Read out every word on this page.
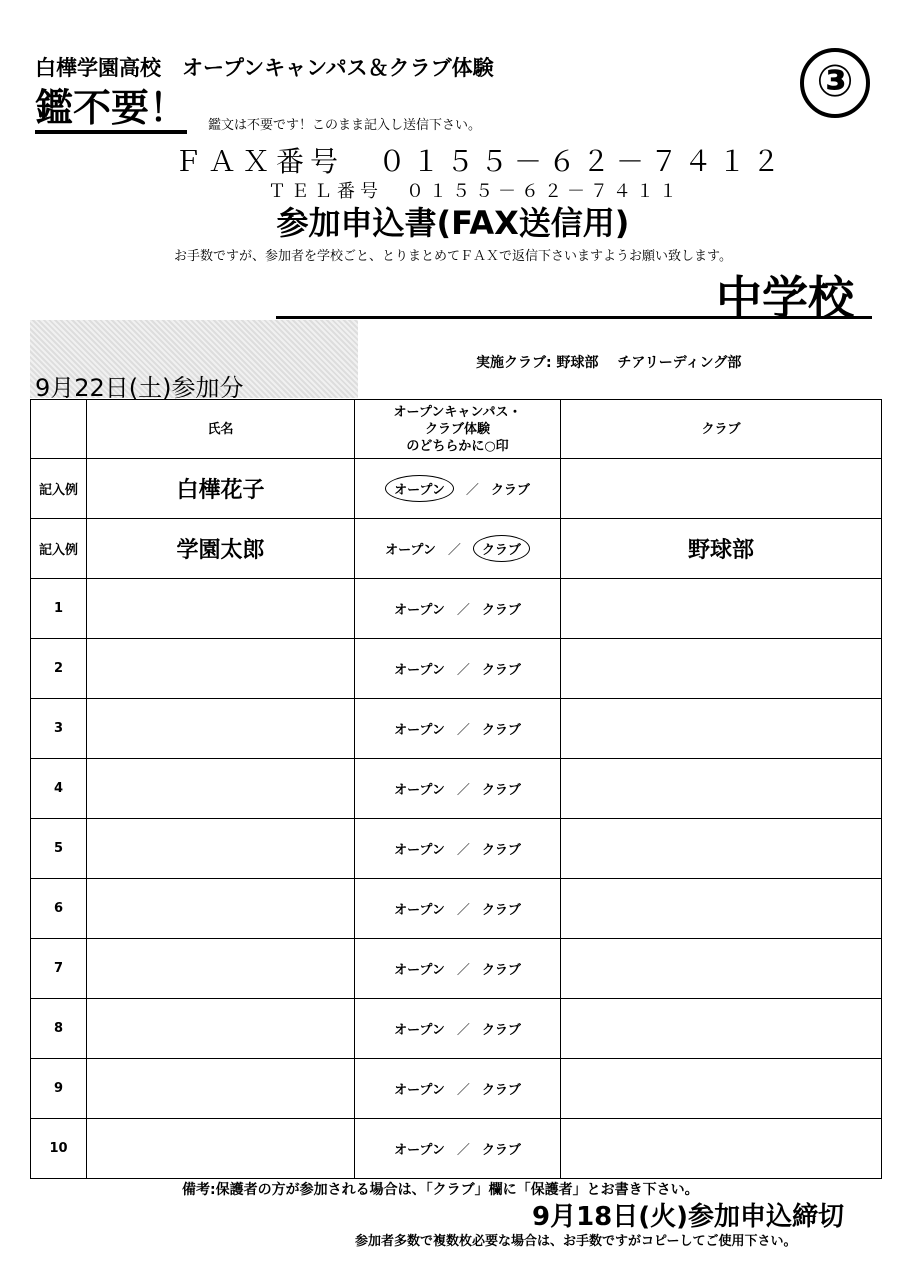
白樺学園高校　オープンキャンパス＆クラブ体験	③
鑑不要！ 鑑文は不要です！このまま記入し送信下さい。
ＦＡＸ番号　０１５５－６２－７４１２
ＴＥＬ番号　０１５５－６２－７４１１
参加申込書(FAX送信用)
お手数ですが、参加者を学校ごと、とりまとめてＦＡＸで返信下さいますようお願い致します。
中学校
9月22日(土)参加分
実施クラブ: 野球部　 チアリーディング部
	氏名	オープンキャンパス・
クラブ体験
のどちらかに○印	クラブ
記入例	白樺花子	オープン ／ クラブ	
記入例	学園太郎	オープン ／ クラブ	野球部
1		オープン ／ クラブ	
2		オープン ／ クラブ	
3		オープン ／ クラブ	
4		オープン ／ クラブ	
5		オープン ／ クラブ	
6		オープン ／ クラブ	
7		オープン ／ クラブ	
8		オープン ／ クラブ	
9		オープン ／ クラブ	
10		オープン ／ クラブ	
備考:保護者の方が参加される場合は、「クラブ」欄に「保護者」とお書き下さい。
9月18日(火)参加申込締切
参加者多数で複数枚必要な場合は、お手数ですがコピーしてご使用下さい。
